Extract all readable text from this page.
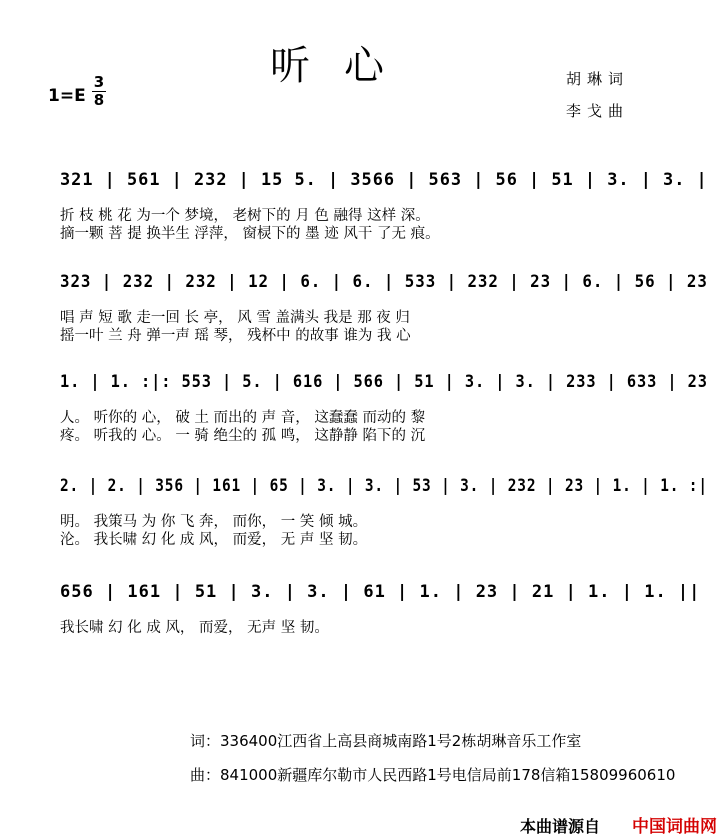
听心
$1=E \frac{3}{8}$	胡琳词
李戈曲
321 | 561 | 232 | 15 5. | 3566 | 563 | 56 | 51 | 3. | 3. |
折 枝 桃 花 为一个 梦境， 老树下的 月 色 融得 这样 深。
摘一颗 菩 提 换半生 浮萍， 窗棂下的 墨 迹 风干 了无 痕。
323 | 232 | 232 | 12 | 6. | 6. | 533 | 232 | 23 | 6. | 56 | 23
唱 声 短 歌 走一回 长 亭， 风 雪 盖满头 我是 那 夜 归
摇一叶 兰 舟 弹一声 瑶 琴， 残杯中 的故事 谁为 我 心
1. | 1. :|: 553 | 5. | 616 | 566 | 51 | 3. | 3. | 233 | 633 | 23
人。 听你的 心， 破 土 而出的 声 音， 这蠢蠢 而动的 黎
疼。 听我的 心。 一 骑 绝尘的 孤 鸣， 这静静 陷下的 沉
2. | 2. | 356 | 161 | 65 | 3. | 3. | 53 | 3. | 232 | 23 | 1. | 1. :|
明。 我策马 为 你 飞 奔， 而你， 一 笑 倾 城。
沦。 我长啸 幻 化 成 风， 而爱， 无 声 坚 韧。
656 | 161 | 51 | 3. | 3. | 61 | 1. | 23 | 21 | 1. | 1. ||
我长啸 幻 化 成 风， 而爱， 无声 坚 韧。
词：336400江西省上高县商城南路1号2栋胡琳音乐工作室
曲：841000新疆库尔勒市人民西路1号电信局前178信箱15809960610
本曲谱源自 中国词曲网
